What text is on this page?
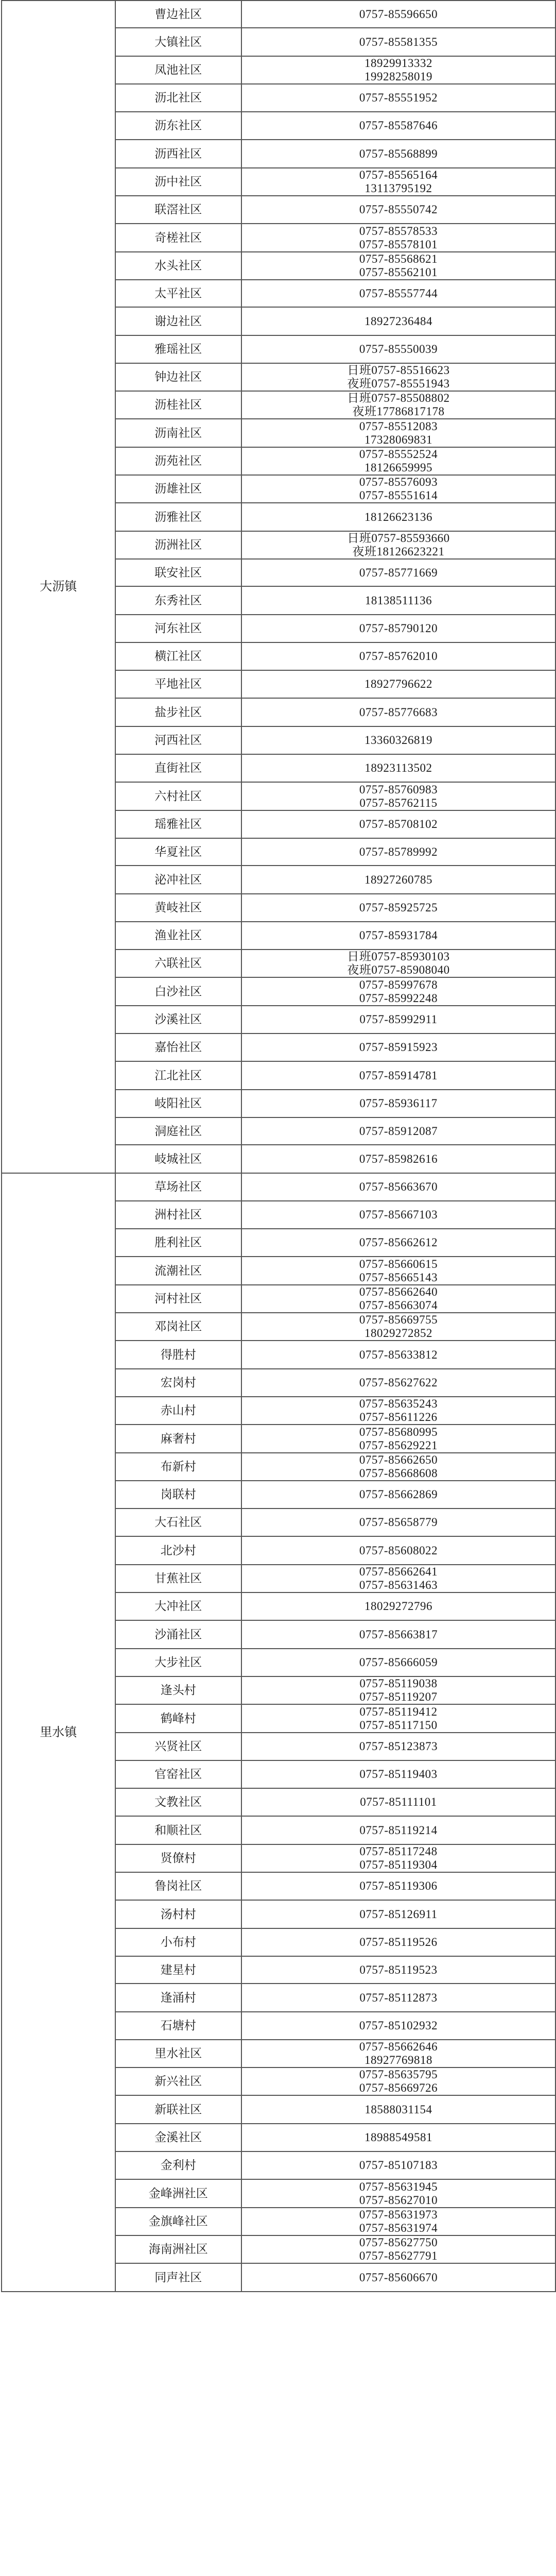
大沥镇	曹边社区	0757-85596650

	大镇社区	0757-85581355

	凤池社区	18929913332
19928258019

	沥北社区	0757-85551952

	沥东社区	0757-85587646

	沥西社区	0757-85568899

	沥中社区	0757-85565164
13113795192

	联滘社区	0757-85550742

	奇槎社区	0757-85578533
0757-85578101

	水头社区	0757-85568621
0757-85562101

	太平社区	0757-85557744

	谢边社区	18927236484

	雅瑶社区	0757-85550039

	钟边社区	日班0757-85516623
夜班0757-85551943

	沥桂社区	日班0757-85508802
夜班17786817178

	沥南社区	0757-85512083
17328069831

	沥苑社区	0757-85552524
18126659995

	沥雄社区	0757-85576093
0757-85551614

	沥雅社区	18126623136

	沥洲社区	日班0757-85593660
夜班18126623221

	联安社区	0757-85771669

	东秀社区	18138511136

	河东社区	0757-85790120

	横江社区	0757-85762010

	平地社区	18927796622

	盐步社区	0757-85776683

	河西社区	13360326819

	直街社区	18923113502

	六村社区	0757-85760983
0757-85762115

	瑶雅社区	0757-85708102

	华夏社区	0757-85789992

	泌冲社区	18927260785

	黄岐社区	0757-85925725

	渔业社区	0757-85931784

	六联社区	日班0757-85930103
夜班0757-85908040

	白沙社区	0757-85997678
0757-85992248

	沙溪社区	0757-85992911

	嘉怡社区	0757-85915923

	江北社区	0757-85914781

	岐阳社区	0757-85936117

	洞庭社区	0757-85912087

	岐城社区	0757-85982616

里水镇	草场社区	0757-85663670

	洲村社区	0757-85667103

	胜利社区	0757-85662612

	流潮社区	0757-85660615
0757-85665143

	河村社区	0757-85662640
0757-85663074

	邓岗社区	0757-85669755
18029272852

	得胜村	0757-85633812

	宏岗村	0757-85627622

	赤山村	0757-85635243
0757-85611226

	麻奢村	0757-85680995
0757-85629221

	布新村	0757-85662650
0757-85668608

	岗联村	0757-85662869

	大石社区	0757-85658779

	北沙村	0757-85608022

	甘蕉社区	0757-85662641
0757-85631463

	大冲社区	18029272796

	沙涌社区	0757-85663817

	大步社区	0757-85666059

	逢头村	0757-85119038
0757-85119207

	鹤峰村	0757-85119412
0757-85117150

	兴贤社区	0757-85123873

	官窑社区	0757-85119403

	文教社区	0757-85111101

	和顺社区	0757-85119214

	贤僚村	0757-85117248
0757-85119304

	鲁岗社区	0757-85119306

	汤村村	0757-85126911

	小布村	0757-85119526

	建星村	0757-85119523

	逢涌村	0757-85112873

	石塘村	0757-85102932

	里水社区	0757-85662646
18927769818

	新兴社区	0757-85635795
0757-85669726

	新联社区	18588031154

	金溪社区	18988549581

	金利村	0757-85107183

	金峰洲社区	0757-85631945
0757-85627010

	金旗峰社区	0757-85631973
0757-85631974

	海南洲社区	0757-85627750
0757-85627791

	同声社区	0757-85606670
